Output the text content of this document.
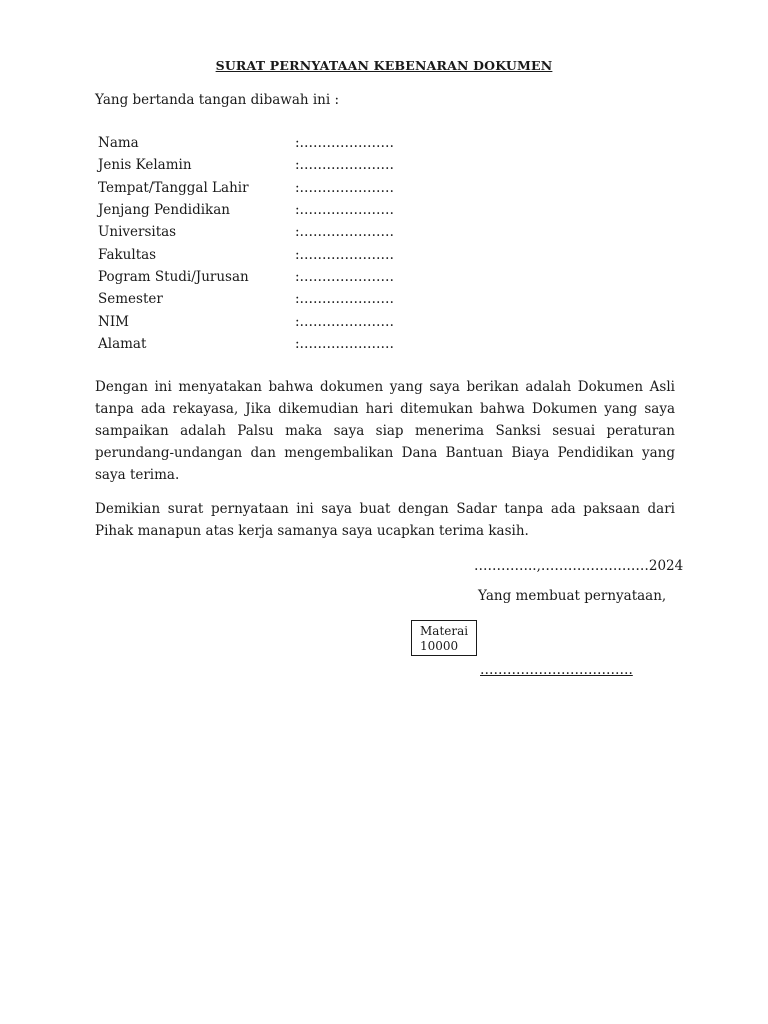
SURAT PERNYATAAN KEBENARAN DOKUMEN
Yang bertanda tangan dibawah ini :
Nama	:…………………
Jenis Kelamin	:…………………
Tempat/Tanggal Lahir	:…………………
Jenjang Pendidikan	:…………………
Universitas	:…………………
Fakultas	:…………………
Pogram Studi/Jurusan	:…………………
Semester	:…………………
NIM	:…………………
Alamat	:…………………
Dengan ini menyatakan bahwa dokumen yang saya berikan adalah Dokumen Asli tanpa ada rekayasa, Jika dikemudian hari ditemukan bahwa Dokumen yang saya sampaikan adalah Palsu maka saya siap menerima Sanksi sesuai peraturan perundang-undangan dan mengembalikan Dana Bantuan Biaya Pendidikan yang saya terima.
Demikian surat pernyataan ini saya buat dengan Sadar tanpa ada paksaan dari Pihak manapun atas kerja samanya saya ucapkan terima kasih.
…………..,……………………2024
Yang membuat pernyataan,
Materai
10000
…………………………….
